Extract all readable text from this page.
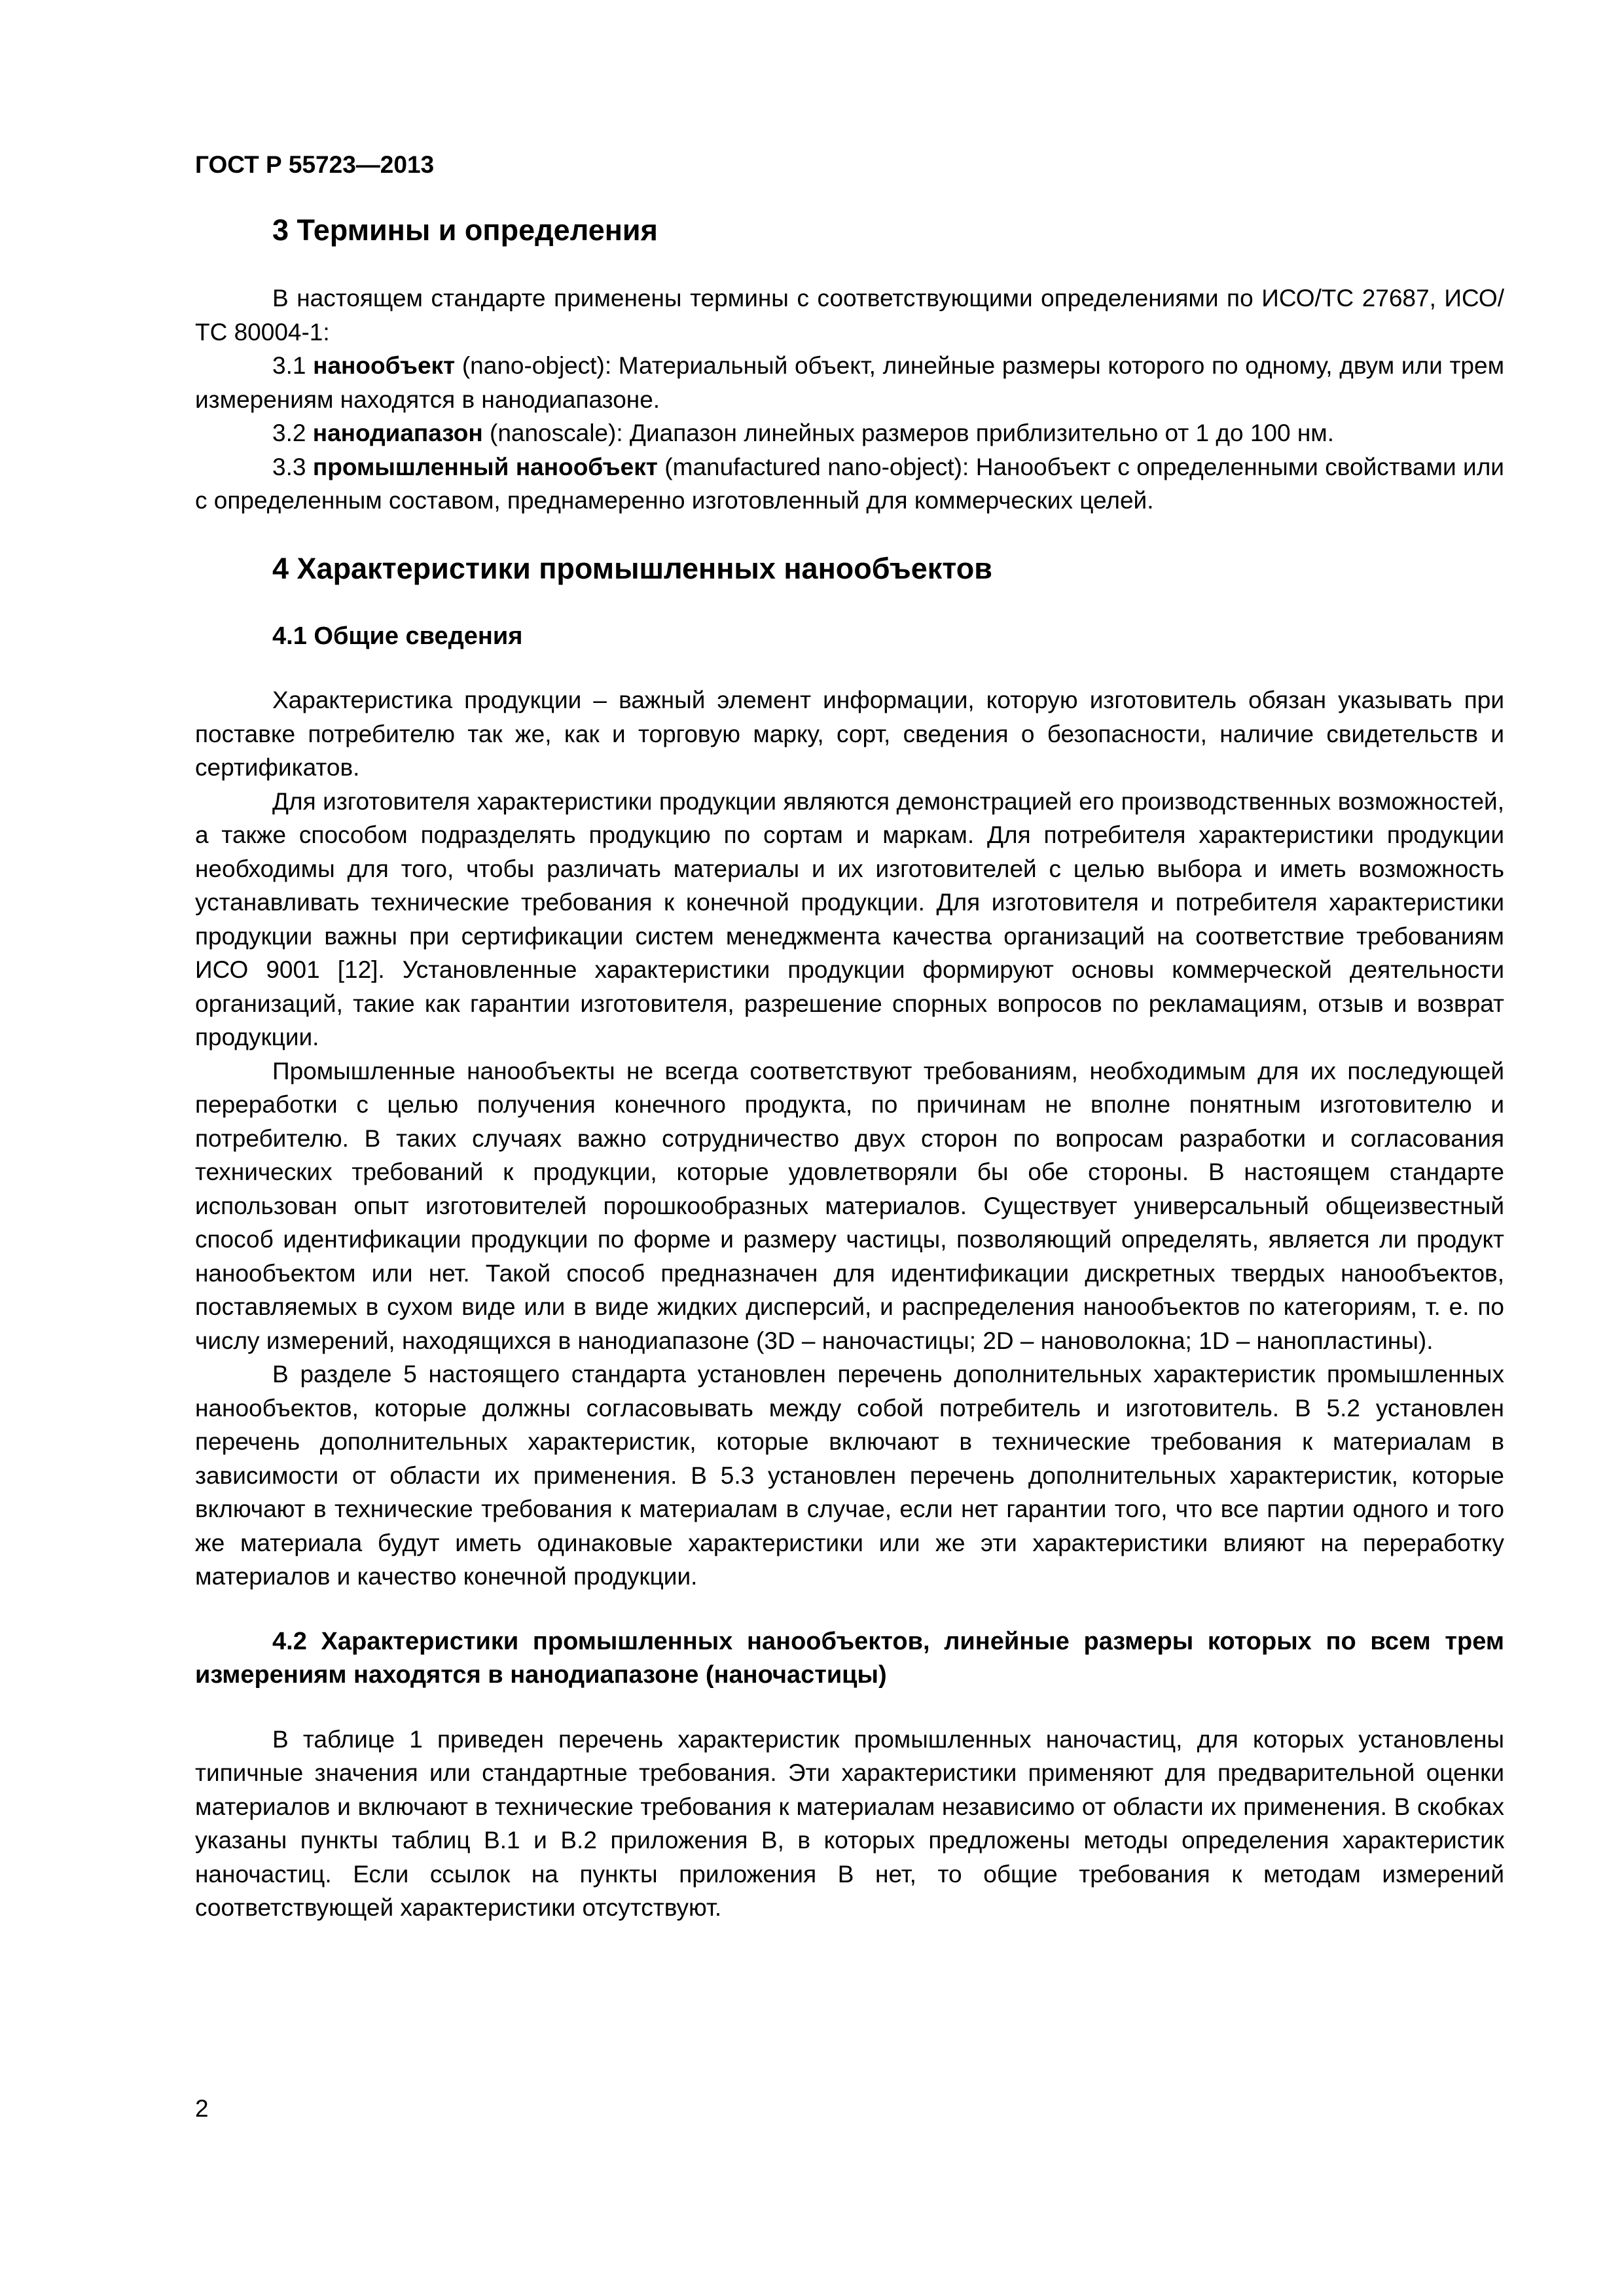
ГОСТ Р 55723—2013
3 Термины и определения

В настоящем стандарте применены термины с соответствующими определениями по ИСО/ТС 27687, ИСО/ТС 80004-1:

3.1 нанообъект (nano-object): Материальный объект, линейные размеры которого по одному, двум или трем измерениям находятся в нанодиапазоне.

3.2 нанодиапазон (nanoscale): Диапазон линейных размеров приблизительно от 1 до 100 нм.

3.3 промышленный нанообъект (manufactured nano-object): Нанообъект с определенными свойствами или с определенным составом, преднамеренно изготовленный для коммерческих целей.

4 Характеристики промышленных нанообъектов
4.1 Общие сведения

Характеристика продукции – важный элемент информации, которую изготовитель обязан указывать при поставке потребителю так же, как и торговую марку, сорт, сведения о безопасности, наличие свидетельств и сертификатов.

Для изготовителя характеристики продукции являются демонстрацией его производственных возможностей, а также способом подразделять продукцию по сортам и маркам. Для потребителя характеристики продукции необходимы для того, чтобы различать материалы и их изготовителей с целью выбора и иметь возможность устанавливать технические требования к конечной продукции. Для изготовителя и потребителя характеристики продукции важны при сертификации систем менеджмента качества организаций на соответствие требованиям ИСО 9001 [12]. Установленные характеристики продукции формируют основы коммерческой деятельности организаций, такие как гарантии изготовителя, разрешение спорных вопросов по рекламациям, отзыв и возврат продукции.

Промышленные нанообъекты не всегда соответствуют требованиям, необходимым для их последующей переработки с целью получения конечного продукта, по причинам не вполне понятным изготовителю и потребителю. В таких случаях важно сотрудничество двух сторон по вопросам разработки и согласования технических требований к продукции, которые удовлетворяли бы обе стороны. В настоящем стандарте использован опыт изготовителей порошкообразных материалов. Существует универсальный общеизвестный способ идентификации продукции по форме и размеру частицы, позволяющий определять, является ли продукт нанообъектом или нет. Такой способ предназначен для идентификации дискретных твердых нанообъектов, поставляемых в сухом виде или в виде жидких дисперсий, и распределения нанообъектов по категориям, т. е. по числу измерений, находящихся в нанодиапазоне (3D – наночастицы; 2D – нановолокна; 1D – нанопластины).

В разделе 5 настоящего стандарта установлен перечень дополнительных характеристик промышленных нанообъектов, которые должны согласовывать между собой потребитель и изготовитель. В 5.2 установлен перечень дополнительных характеристик, которые включают в технические требования к материалам в зависимости от области их применения. В 5.3 установлен перечень дополнительных характеристик, которые включают в технические требования к материалам в случае, если нет гарантии того, что все партии одного и того же материала будут иметь одинаковые характеристики или же эти характеристики влияют на переработку материалов и качество конечной продукции.

4.2 Характеристики промышленных нанообъектов, линейные размеры которых по всем трем измерениям находятся в нанодиапазоне (наночастицы)

В таблице 1 приведен перечень характеристик промышленных наночастиц, для которых установлены типичные значения или стандартные требования. Эти характеристики применяют для предварительной оценки материалов и включают в технические требования к материалам независимо от области их применения. В скобках указаны пункты таблиц В.1 и В.2 приложения В, в которых предложены методы определения характеристик наночастиц. Если ссылок на пункты приложения В нет, то общие требования к методам измерений соответствующей характеристики отсутствуют.

2
